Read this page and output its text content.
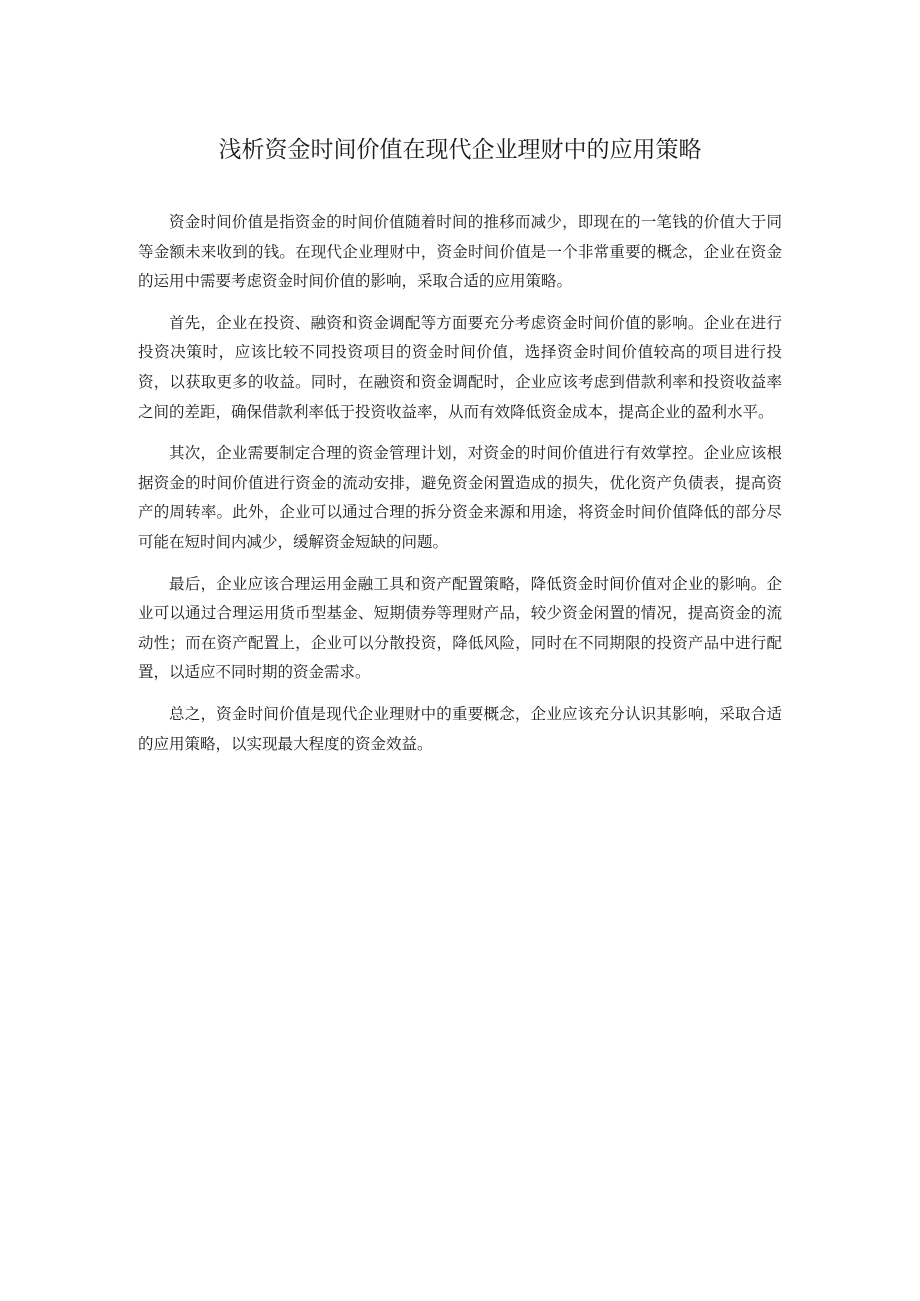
浅析资金时间价值在现代企业理财中的应用策略

资金时间价值是指资金的时间价值随着时间的推移而减少，即现在的一笔钱的价值大于同等金额未来收到的钱。在现代企业理财中，资金时间价值是一个非常重要的概念，企业在资金的运用中需要考虑资金时间价值的影响，采取合适的应用策略。

首先，企业在投资、融资和资金调配等方面要充分考虑资金时间价值的影响。企业在进行投资决策时，应该比较不同投资项目的资金时间价值，选择资金时间价值较高的项目进行投资，以获取更多的收益。同时，在融资和资金调配时，企业应该考虑到借款利率和投资收益率之间的差距，确保借款利率低于投资收益率，从而有效降低资金成本，提高企业的盈利水平。

其次，企业需要制定合理的资金管理计划，对资金的时间价值进行有效掌控。企业应该根据资金的时间价值进行资金的流动安排，避免资金闲置造成的损失，优化资产负债表，提高资产的周转率。此外，企业可以通过合理的拆分资金来源和用途，将资金时间价值降低的部分尽可能在短时间内减少，缓解资金短缺的问题。

最后，企业应该合理运用金融工具和资产配置策略，降低资金时间价值对企业的影响。企业可以通过合理运用货币型基金、短期债券等理财产品，较少资金闲置的情况，提高资金的流动性；而在资产配置上，企业可以分散投资，降低风险，同时在不同期限的投资产品中进行配置，以适应不同时期的资金需求。

总之，资金时间价值是现代企业理财中的重要概念，企业应该充分认识其影响，采取合适的应用策略，以实现最大程度的资金效益。
